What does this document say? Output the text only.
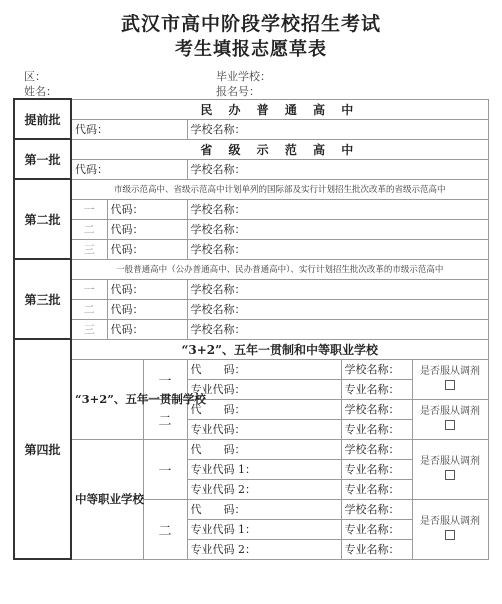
武汉市高中阶段学校招生考试
考生填报志愿草表
区：	毕业学校：
姓名：	报名号：
提前批	民 办 普 通 高 中					
	代码：			学校名称：		
第一批	省 级 示 范 高 中					
	代码：			学校名称：		
第二批	市级示范高中、省级示范高中计划单列的国际部及实行计划招生批次改革的省级示范高中					
	一	代码：		学校名称：		
	二	代码：		学校名称：		
	三	代码：		学校名称：		
第三批	一般普通高中（公办普通高中、民办普通高中）、实行计划招生批次改革的市级示范高中					
	一	代码：		学校名称：		
	二	代码：		学校名称：		
	三	代码：		学校名称：		
第四批	“3+2”、五年一贯制和中等职业学校					
	“3+2”、五年一贯制学校		一	代　　码：	学校名称：	是否服从调剂

				专业代码：	专业名称：	
			二	代　　码：	学校名称：	是否服从调剂

				专业代码：	专业名称：	
	中等职业学校		一	代　　码：	学校名称：	是否服从调剂

				专业代码 1：	专业名称：	
				专业代码 2：	专业名称：	
			二	代　　码：	学校名称：	是否服从调剂

				专业代码 1：	专业名称：	
				专业代码 2：	专业名称：	
